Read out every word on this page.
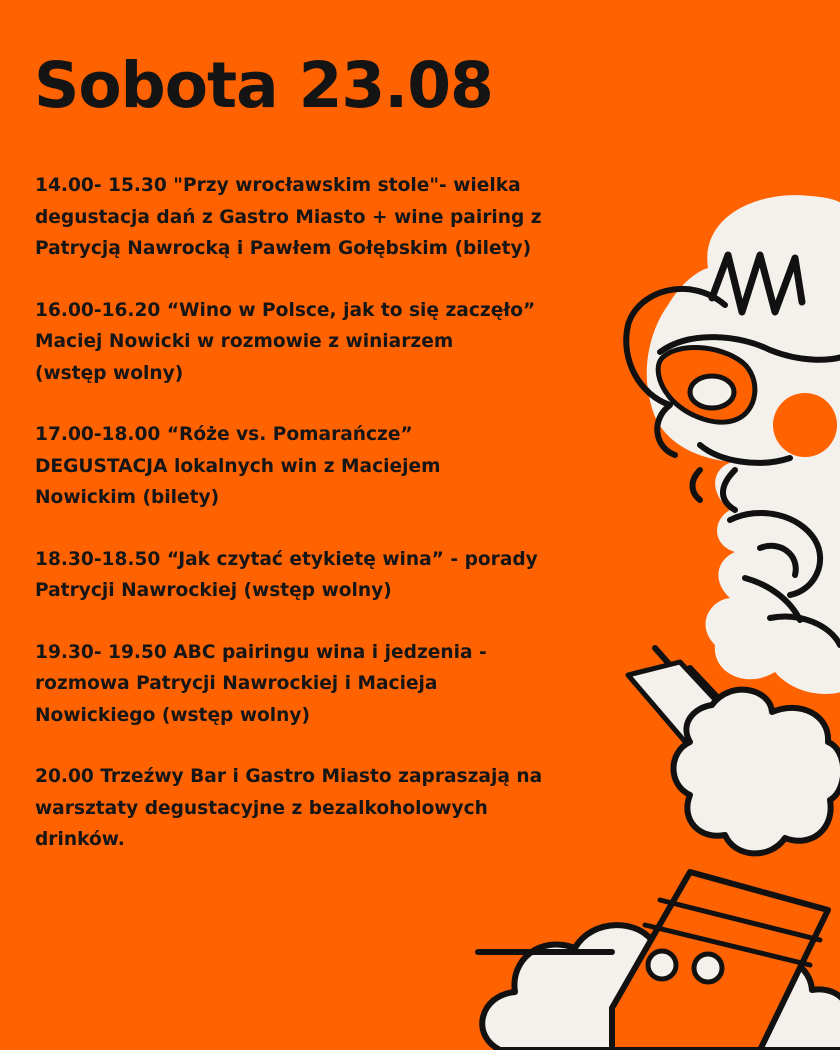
Sobota 23.08
14.00- 15.30 "Przy wrocławskim stole"- wielka
degustacja dań z Gastro Miasto + wine pairing z
Patrycją Nawrocką i Pawłem Gołębskim (bilety)
16.00-16.20 “Wino w Polsce, jak to się zaczęło”
Maciej Nowicki w rozmowie z winiarzem
(wstęp wolny)
17.00-18.00 “Róże vs. Pomarańcze”
DEGUSTACJA lokalnych win z Maciejem
Nowickim (bilety)
18.30-18.50 “Jak czytać etykietę wina” - porady
Patrycji Nawrockiej (wstęp wolny)
19.30- 19.50 ABC pairingu wina i jedzenia -
rozmowa Patrycji Nawrockiej i Macieja
Nowickiego (wstęp wolny)
20.00 Trzeźwy Bar i Gastro Miasto zapraszają na
warsztaty degustacyjne z bezalkoholowych
drinków.
